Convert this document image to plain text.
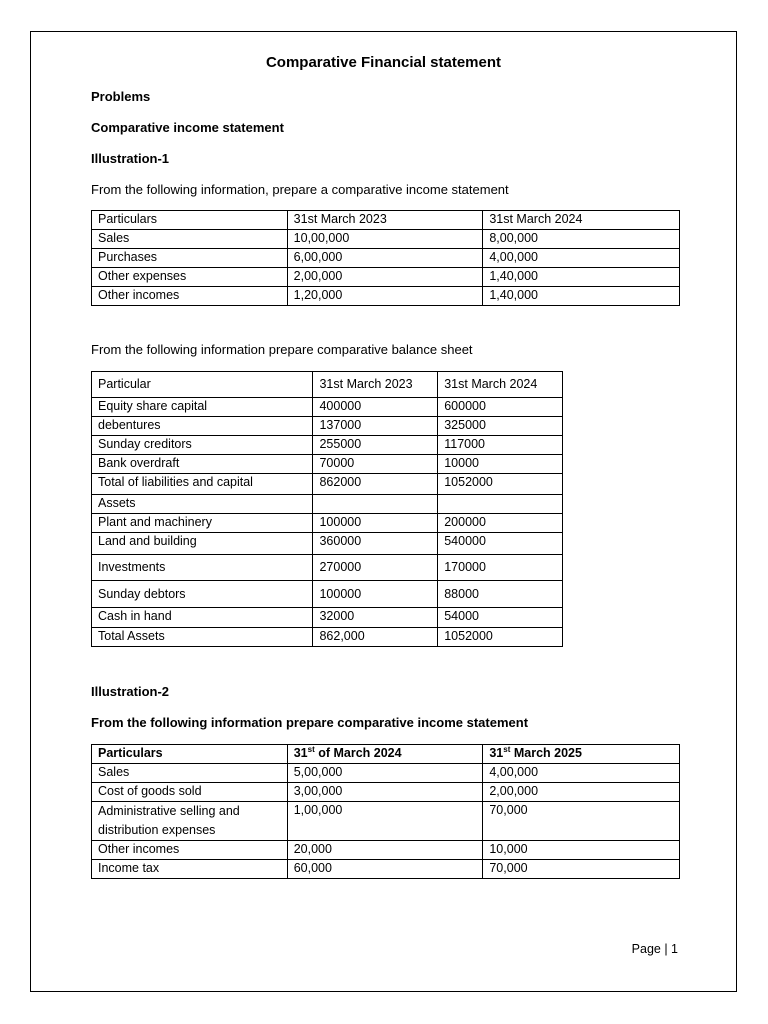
Comparative Financial statement
Problems
Comparative income statement
Illustration-1
From the following information, prepare a comparative income statement
Particulars	31st March 2023	31st March 2024
Sales	10,00,000	8,00,000
Purchases	6,00,000	4,00,000
Other expenses	2,00,000	1,40,000
Other incomes	1,20,000	1,40,000
From the following information prepare comparative balance sheet
Particular	31st March 2023	31st March 2024
Equity share capital	400000	600000
debentures	137000	325000
Sunday creditors	255000	117000
Bank overdraft	70000	10000
Total of liabilities and capital	862000	1052000
Assets		
Plant and machinery	100000	200000
Land and building	360000	540000
Investments	270000	170000
Sunday debtors	100000	88000
Cash in hand	32000	54000
Total Assets	862,000	1052000
Illustration-2
From the following information prepare comparative income statement
Particulars	31st of March 2024	31st March 2025
Sales	5,00,000	4,00,000
Cost of goods sold	3,00,000	2,00,000
Administrative selling and distribution expenses	1,00,000	70,000
Other incomes	20,000	10,000
Income tax	60,000	70,000
Page | 1
